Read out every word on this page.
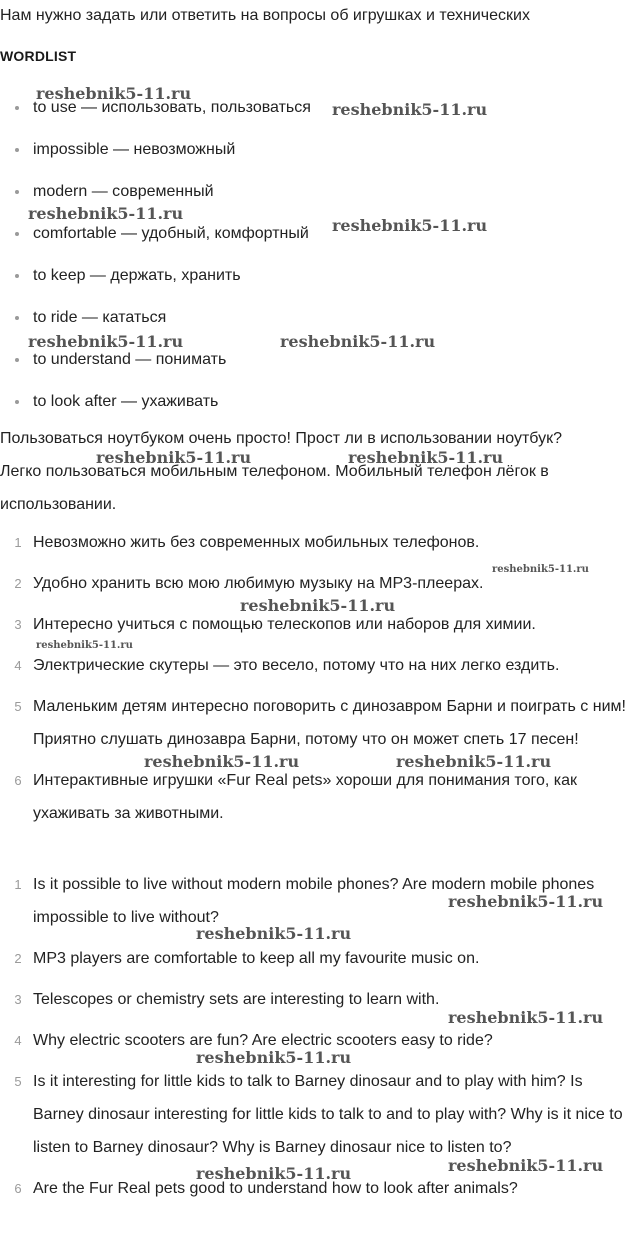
Нам нужно задать или ответить на вопросы об игрушках и технических
WORDLIST
to use — использовать, пользоваться
impossible — невозможный
modern — современный
comfortable — удобный, комфортный
to keep — держать, хранить
to ride — кататься
to understand — понимать
to look after — ухаживать

Пользоваться ноутбуком очень просто! Прост ли в использовании ноутбук?

Легко пользоваться мобильным телефоном. Мобильный телефон лёгок в использовании.

1 Невозможно жить без современных мобильных телефонов.
2 Удобно хранить всю мою любимую музыку на MP3-плеерах.
3 Интересно учиться с помощью телескопов или наборов для химии.
4 Электрические скутеры — это весело, потому что на них легко ездить.
5 Маленьким детям интересно поговорить с динозавром Барни и поиграть с ним! Приятно слушать динозавра Барни, потому что он может спеть 17 песен!
6 Интерактивные игрушки «Fur Real pets» хороши для понимания того, как ухаживать за животными.
1 Is it possible to live without modern mobile phones? Are modern mobile phones impossible to live without?
2 MP3 players are comfortable to keep all my favourite music on.
3 Telescopes or chemistry sets are interesting to learn with.
4 Why electric scooters are fun? Are electric scooters easy to ride?
5 Is it interesting for little kids to talk to Barney dinosaur and to play with him? Is Barney dinosaur interesting for little kids to talk to and to play with? Why is it nice to listen to Barney dinosaur? Why is Barney dinosaur nice to listen to?
6 Are the Fur Real pets good to understand how to look after animals?
reshebnik5-11.ru
reshebnik5-11.ru
reshebnik5-11.ru
reshebnik5-11.ru
reshebnik5-11.ru	reshebnik5-11.ru
reshebnik5-11.ru	reshebnik5-11.ru
reshebnik5-11.ru
reshebnik5-11.ru
reshebnik5-11.ru
reshebnik5-11.ru	reshebnik5-11.ru
reshebnik5-11.ru
reshebnik5-11.ru
reshebnik5-11.ru
reshebnik5-11.ru
reshebnik5-11.ru
reshebnik5-11.ru
